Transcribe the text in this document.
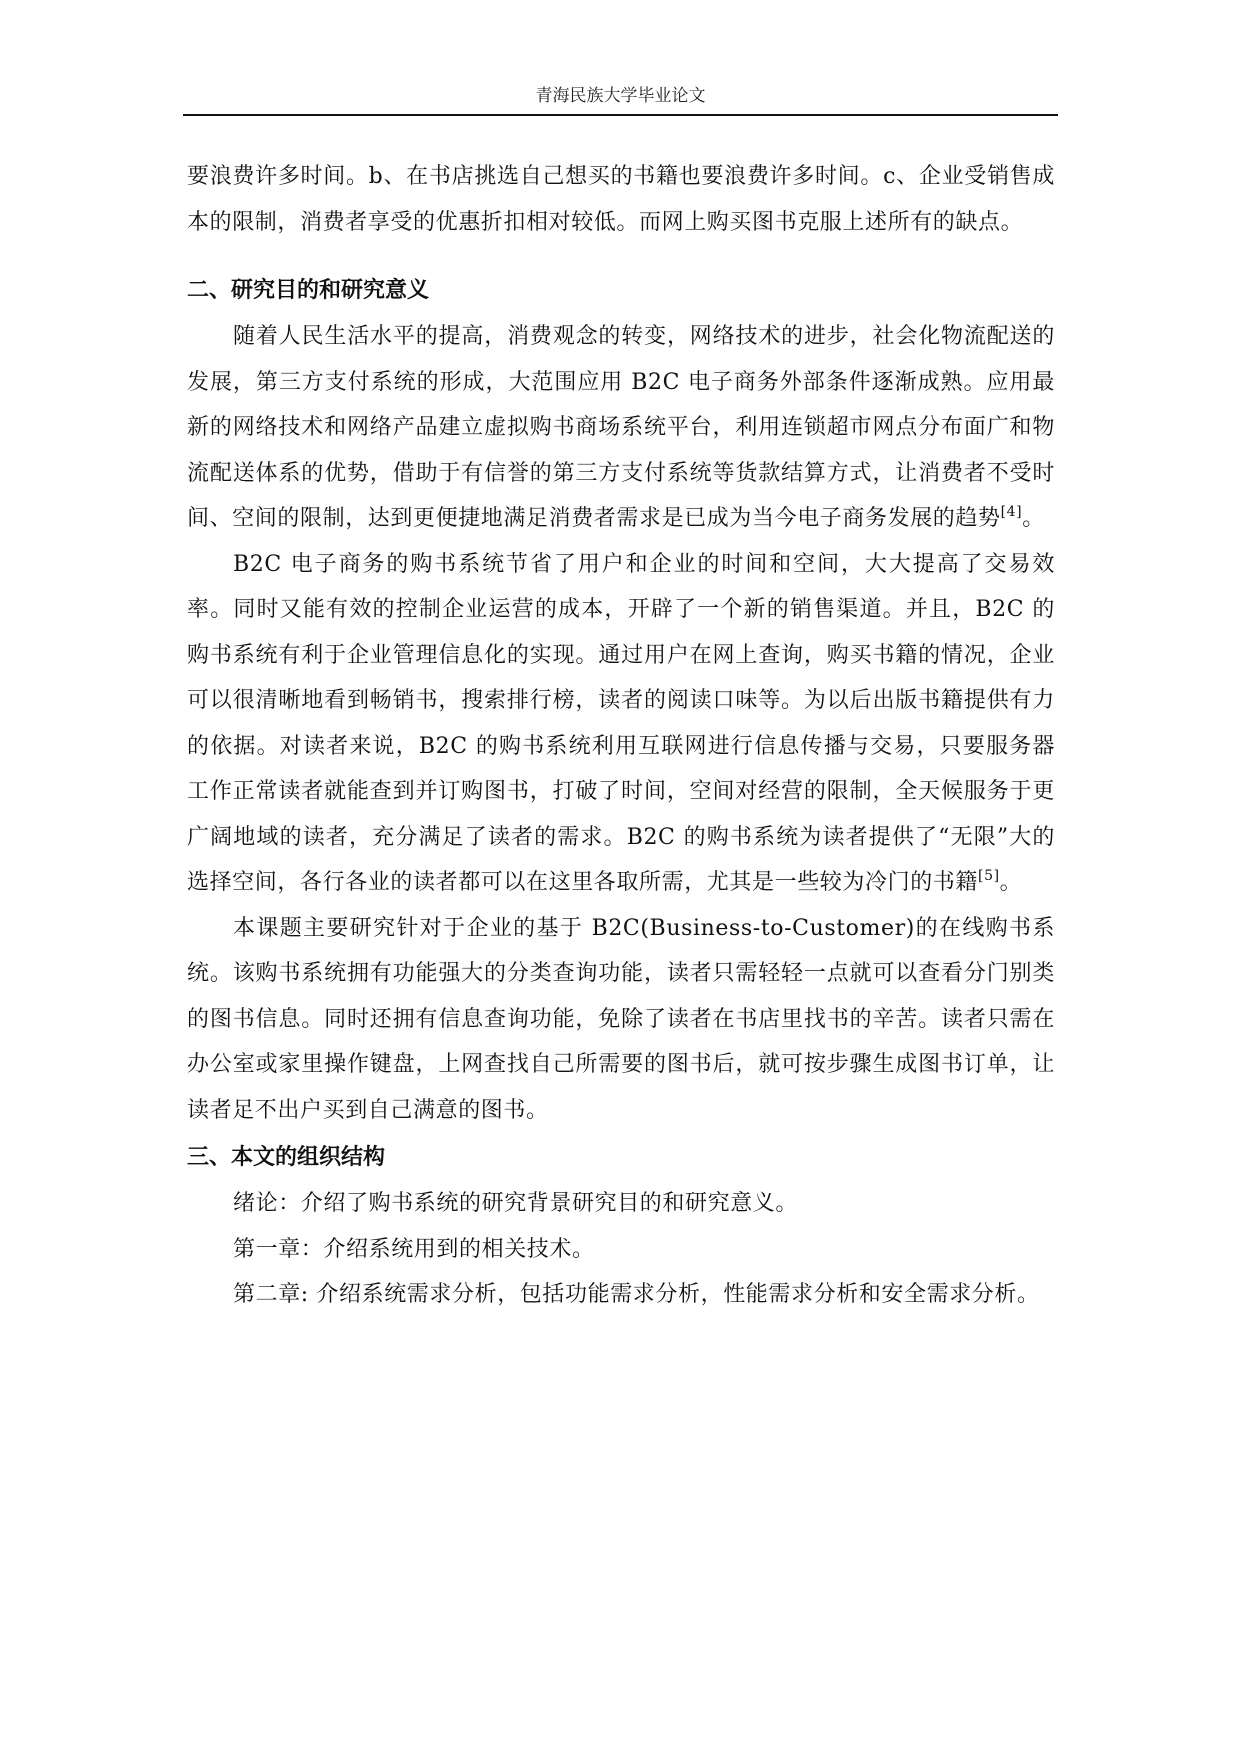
青海民族大学毕业论文

要浪费许多时间。b、在书店挑选自己想买的书籍也要浪费许多时间。c、企业受销售成本的限制，消费者享受的优惠折扣相对较低。而网上购买图书克服上述所有的缺点。

二、研究目的和研究意义

随着人民生活水平的提高，消费观念的转变，网络技术的进步，社会化物流配送的发展，第三方支付系统的形成，大范围应用 B2C 电子商务外部条件逐渐成熟。应用最新的网络技术和网络产品建立虚拟购书商场系统平台，利用连锁超市网点分布面广和物流配送体系的优势，借助于有信誉的第三方支付系统等货款结算方式，让消费者不受时间、空间的限制，达到更便捷地满足消费者需求是已成为当今电子商务发展的趋势[4]。

B2C 电子商务的购书系统节省了用户和企业的时间和空间，大大提高了交易效率。同时又能有效的控制企业运营的成本，开辟了一个新的销售渠道。并且，B2C 的购书系统有利于企业管理信息化的实现。通过用户在网上查询，购买书籍的情况，企业可以很清晰地看到畅销书，搜索排行榜，读者的阅读口味等。为以后出版书籍提供有力的依据。对读者来说，B2C 的购书系统利用互联网进行信息传播与交易，只要服务器工作正常读者就能查到并订购图书，打破了时间，空间对经营的限制，全天候服务于更广阔地域的读者，充分满足了读者的需求。B2C 的购书系统为读者提供了“无限”大的选择空间，各行各业的读者都可以在这里各取所需，尤其是一些较为冷门的书籍[5]。

本课题主要研究针对于企业的基于 B2C(Business-to-Customer)的在线购书系统。该购书系统拥有功能强大的分类查询功能，读者只需轻轻一点就可以查看分门别类的图书信息。同时还拥有信息查询功能，免除了读者在书店里找书的辛苦。读者只需在办公室或家里操作键盘，上网查找自己所需要的图书后，就可按步骤生成图书订单，让读者足不出户买到自己满意的图书。

三、本文的组织结构

绪论：介绍了购书系统的研究背景研究目的和研究意义。

第一章：介绍系统用到的相关技术。

第二章: 介绍系统需求分析，包括功能需求分析，性能需求分析和安全需求分析。
